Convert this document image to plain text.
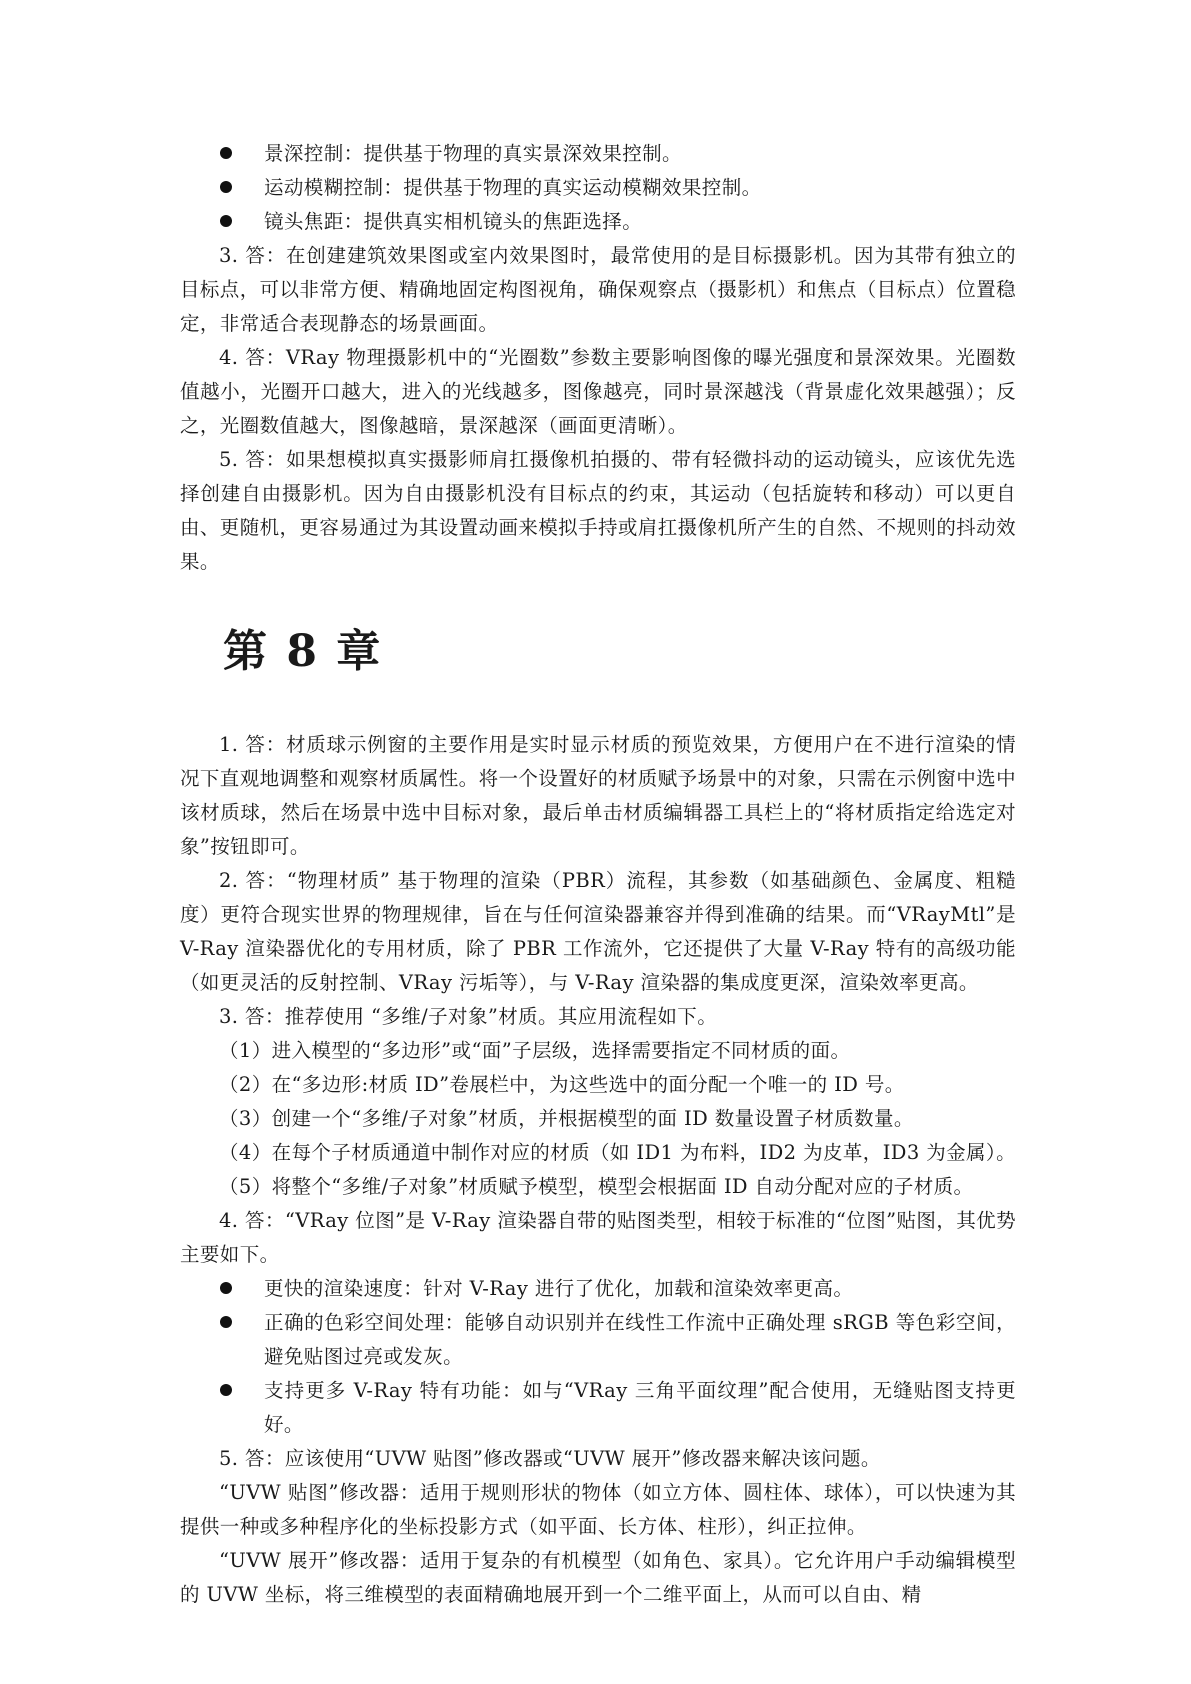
景深控制：提供基于物理的真实景深效果控制。

运动模糊控制：提供基于物理的真实运动模糊效果控制。

镜头焦距：提供真实相机镜头的焦距选择。

3. 答：在创建建筑效果图或室内效果图时，最常使用的是目标摄影机。因为其带有独立的目标点，可以非常方便、精确地固定构图视角，确保观察点（摄影机）和焦点（目标点）位置稳定，非常适合表现静态的场景画面。

4. 答：VRay 物理摄影机中的“光圈数”参数主要影响图像的曝光强度和景深效果。光圈数值越小，光圈开口越大，进入的光线越多，图像越亮，同时景深越浅（背景虚化效果越强）；反之，光圈数值越大，图像越暗，景深越深（画面更清晰）。

5. 答：如果想模拟真实摄影师肩扛摄像机拍摄的、带有轻微抖动的运动镜头，应该优先选择创建自由摄影机。因为自由摄影机没有目标点的约束，其运动（包括旋转和移动）可以更自由、更随机，更容易通过为其设置动画来模拟手持或肩扛摄像机所产生的自然、不规则的抖动效果。

第 8 章

1. 答：材质球示例窗的主要作用是实时显示材质的预览效果，方便用户在不进行渲染的情况下直观地调整和观察材质属性。将一个设置好的材质赋予场景中的对象，只需在示例窗中选中该材质球，然后在场景中选中目标对象，最后单击材质编辑器工具栏上的“将材质指定给选定对象”按钮即可。

2. 答：“物理材质” 基于物理的渲染（PBR）流程，其参数（如基础颜色、金属度、粗糙度）更符合现实世界的物理规律，旨在与任何渲染器兼容并得到准确的结果。而“VRayMtl”是 V-Ray 渲染器优化的专用材质，除了 PBR 工作流外，它还提供了大量 V-Ray 特有的高级功能（如更灵活的反射控制、VRay 污垢等），与 V-Ray 渲染器的集成度更深，渲染效率更高。

3. 答：推荐使用 “多维/子对象”材质。其应用流程如下。

（1）进入模型的“多边形”或“面”子层级，选择需要指定不同材质的面。

（2）在“多边形:材质 ID”卷展栏中，为这些选中的面分配一个唯一的 ID 号。

（3）创建一个“多维/子对象”材质，并根据模型的面 ID 数量设置子材质数量。

（4）在每个子材质通道中制作对应的材质（如 ID1 为布料，ID2 为皮革，ID3 为金属）。

（5）将整个“多维/子对象”材质赋予模型，模型会根据面 ID 自动分配对应的子材质。

4. 答：“VRay 位图”是 V-Ray 渲染器自带的贴图类型，相较于标准的“位图”贴图，其优势主要如下。

更快的渲染速度：针对 V-Ray 进行了优化，加载和渲染效率更高。

正确的色彩空间处理：能够自动识别并在线性工作流中正确处理 sRGB 等色彩空间，避免贴图过亮或发灰。

支持更多 V-Ray 特有功能：如与“VRay 三角平面纹理”配合使用，无缝贴图支持更好。

5. 答：应该使用“UVW 贴图”修改器或“UVW 展开”修改器来解决该问题。

“UVW 贴图”修改器：适用于规则形状的物体（如立方体、圆柱体、球体），可以快速为其提供一种或多种程序化的坐标投影方式（如平面、长方体、柱形），纠正拉伸。

“UVW 展开”修改器：适用于复杂的有机模型（如角色、家具）。它允许用户手动编辑模型的 UVW 坐标，将三维模型的表面精确地展开到一个二维平面上，从而可以自由、精
